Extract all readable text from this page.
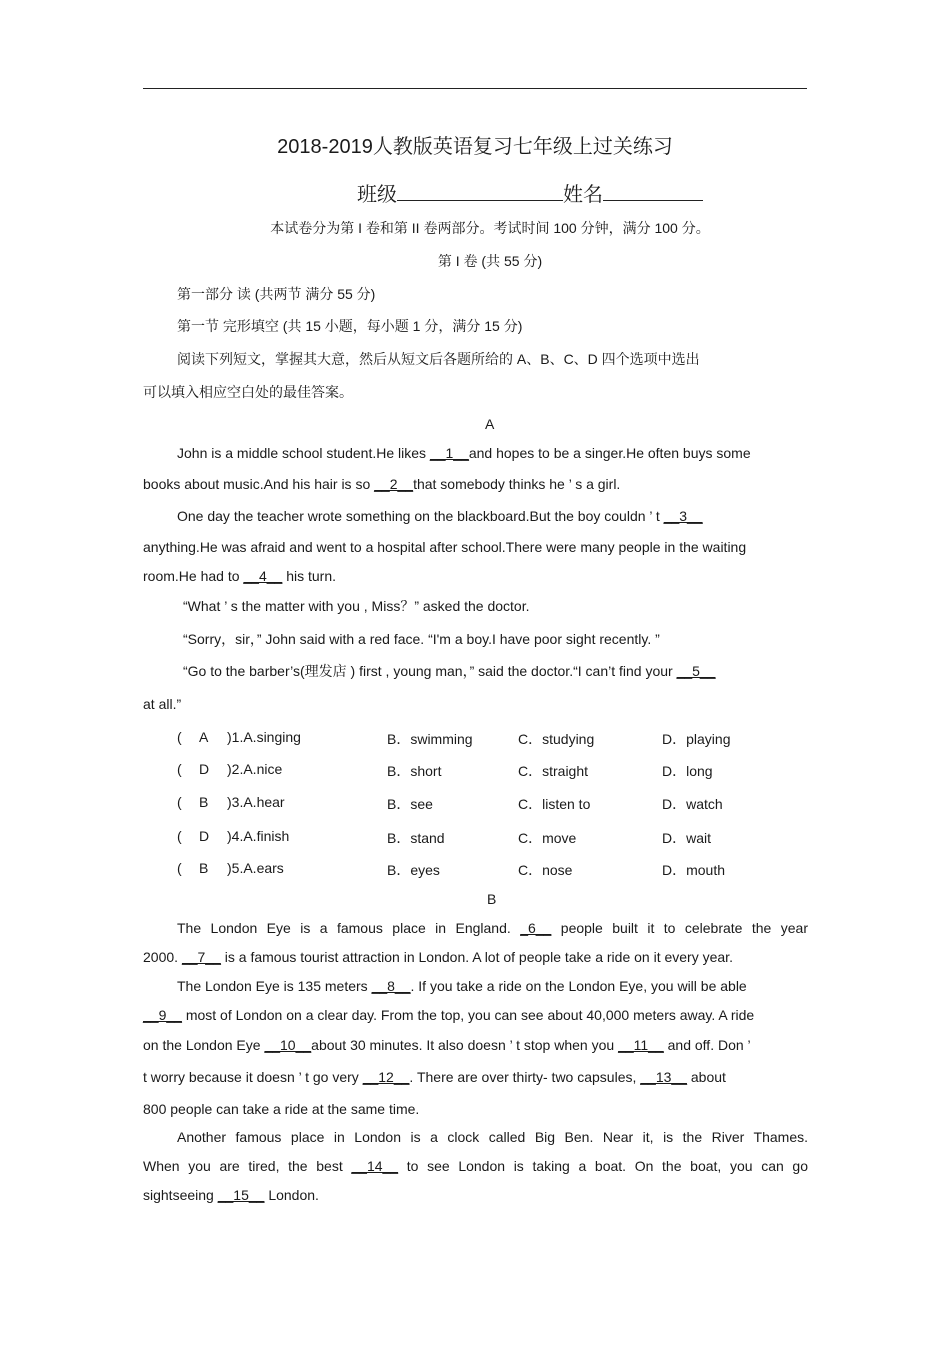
2018-2019人教版英语复习七年级上过关练习
班级	姓名
本试卷分为第 I 卷和第 II 卷两部分。考试时间 100 分钟，满分 100 分。
第 I 卷 (共 55 分)
第一部分 读 (共两节 满分 55 分)
第一节 完形填空 (共 15 小题，每小题 1 分，满分 15 分)
阅读下列短文，掌握其大意，然后从短文后各题所给的 A、B、C、D 四个选项中选出
可以填入相应空白处的最佳答案。
A
John is a middle school student.He likes __1__and hopes to be a singer.He often buys some
books about music.And his hair is so __2__that somebody thinks he ’ s a girl.
One day the teacher wrote something on the blackboard.But the boy couldn ’ t __3__
anything.He was afraid and went to a hospital after school.There were many people in the waiting
room.He had to __4__ his turn.
“What ’ s the matter with you , Miss？” asked the doctor.
“Sorry，sir，” John said with a red face. “I'm a boy.I have poor sight recently. ”
“Go to the barber’s(理发店 ) first , young man，” said the doctor.“I can’t find your __5__
at all.”
( A )1.A.singing	B．swimming	C．studying	D．playing
( D )2.A.nice	B．short	C．straight	D．long
( B )3.A.hear	B．see	C．listen to	D．watch
( D )4.A.finish	B．stand	C．move	D．wait
( B )5.A.ears	B．eyes	C．nose	D．mouth
B
The London Eye is a famous place in England. _6__ people built it to celebrate the year
2000. __7__ is a famous tourist attraction in London. A lot of people take a ride on it every year.
The London Eye is 135 meters __8__. If you take a ride on the London Eye, you will be able
__9__ most of London on a clear day. From the top, you can see about 40,000 meters away. A ride
on the London Eye __10__about 30 minutes. It also doesn ’ t stop when you __11__ and off. Don ’
t worry because it doesn ’ t go very __12__. There are over thirty- two capsules, __13__ about
800 people can take a ride at the same time.
Another famous place in London is a clock called Big Ben. Near it, is the River Thames.
When you are tired, the best __14__ to see London is taking a boat. On the boat, you can go
sightseeing __15__ London.
